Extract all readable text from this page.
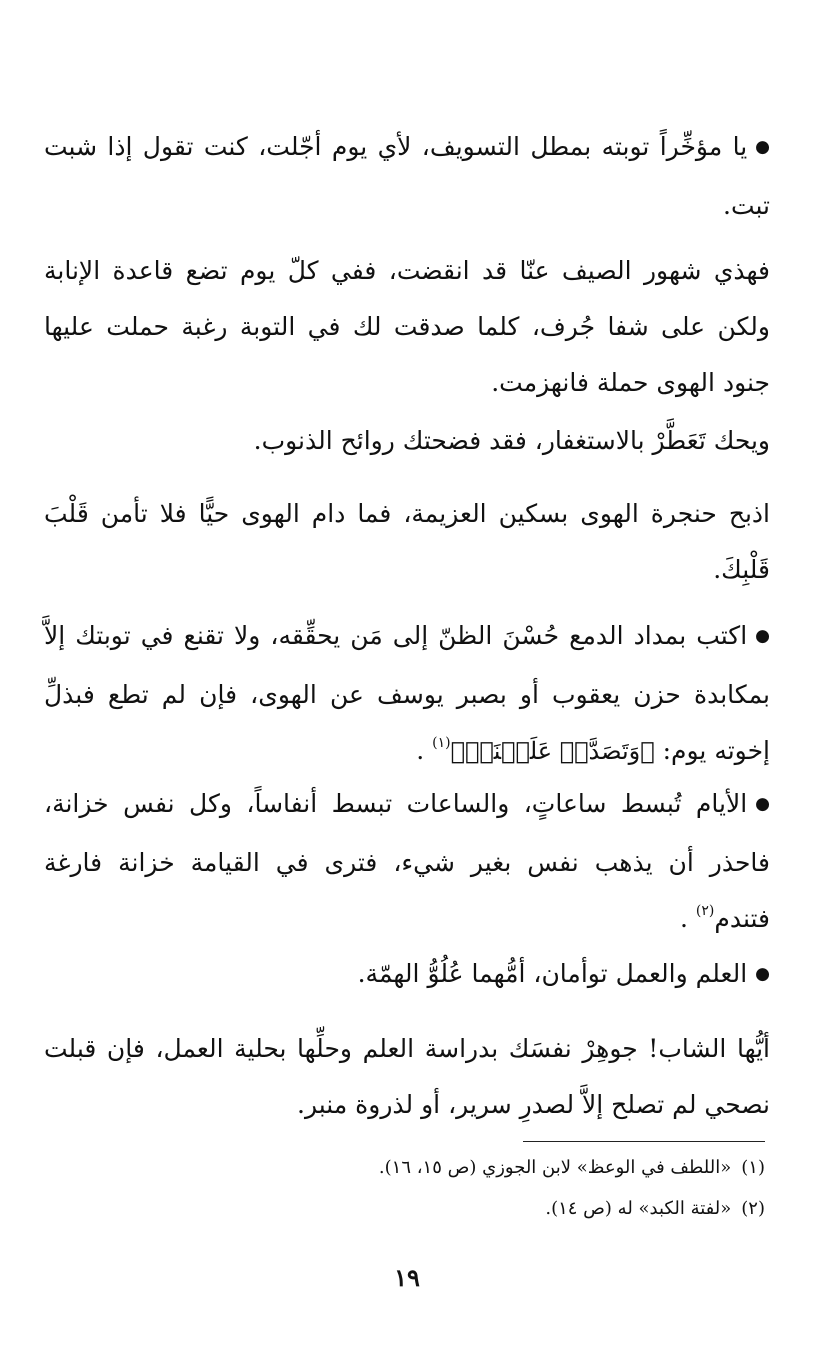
●يا مؤخِّراً توبته بمطل التسويف، لأي يوم أجّلت، كنت تقول إذا شبت تبت.

فهذي شهور الصيف عنّا قد انقضت، ففي كلّ يوم تضع قاعدة الإنابة ولكن على شفا جُرف، كلما صدقت لك في التوبة رغبة حملت عليها جنود الهوى حملة فانهزمت.

ويحك تَعَطَّرْ بالاستغفار، فقد فضحتك روائح الذنوب.

اذبح حنجرة الهوى بسكين العزيمة، فما دام الهوى حيًّا فلا تأمن قَلْبَ قَلْبِكَ.

●اكتب بمداد الدمع حُسْنَ الظنّ إلى مَن يحقِّقه، ولا تقنع في توبتك إلاَّ بمكابدة حزن يعقوب أو بصبر يوسف عن الهوى، فإن لم تطع فبذلِّ إخوته يوم: ﴿وَتَصَدَّقۡ عَلَيۡنَآۖ﴾$^{(١)}$ .

●الأيام تُبسط ساعاتٍ، والساعات تبسط أنفاساً، وكل نفس خزانة، فاحذر أن يذهب نفس بغير شيء، فترى في القيامة خزانة فارغة فتندم$^{(٢)}$ .

●العلم والعمل توأمان، أمُّهما عُلُوُّ الهمّة.

أيُّها الشاب! جوهِرْ نفسَك بدراسة العلم وحلِّها بحلية العمل، فإن قبلت نصحي لم تصلح إلاَّ لصدرِ سرير، أو لذروة منبر.

(١)«اللطف في الوعظ» لابن الجوزي (ص ١٥، ١٦).

(٢)«لفتة الكبد» له (ص ١٤).

١٩
